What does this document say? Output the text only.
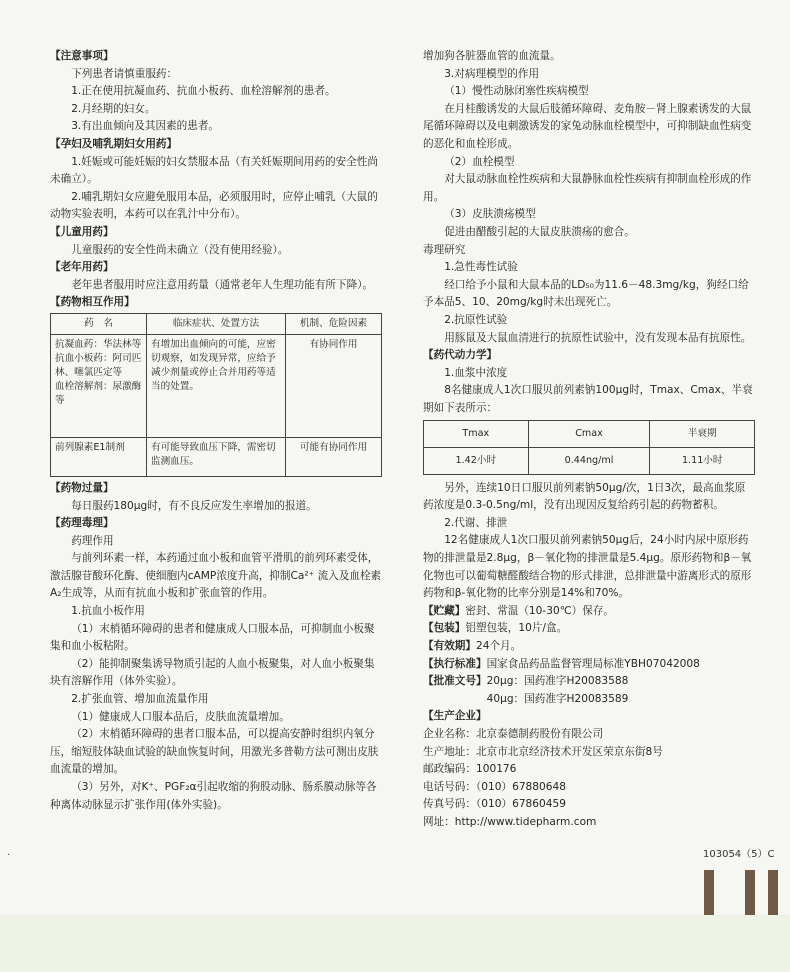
【注意事项】

下列患者请慎重服药：

1.正在使用抗凝血药、抗血小板药、血栓溶解剂的患者。

2.月经期的妇女。

3.有出血倾向及其因素的患者。

【孕妇及哺乳期妇女用药】

1.妊娠或可能妊娠的妇女禁服本品（有关妊娠期间用药的安全性尚未确立）。

2.哺乳期妇女应避免服用本品，必须服用时，应停止哺乳（大鼠的动物实验表明，本药可以在乳汁中分布）。

【儿童用药】

儿童服药的安全性尚未确立（没有使用经验）。

【老年用药】

老年患者服用时应注意用药量（通常老年人生理功能有所下降）。

【药物相互作用】

药　名	临床症状、处置方法	机制、危险因素
抗凝血药：华法林等
抗血小板药：阿司匹林、噻氯匹定等
血栓溶解剂：尿激酶等	有增加出血倾向的可能，应密切观察，如发现异常，应给予减少剂量或停止合并用药等适当的处置。	有协同作用
前列腺素E1制剂	有可能导致血压下降，需密切监测血压。	可能有协同作用

【药物过量】

每日服药180μg时，有不良反应发生率增加的报道。

【药理毒理】

药理作用

与前列环素一样，本药通过血小板和血管平滑肌的前列环素受体，激活腺苷酸环化酶、使细胞内cAMP浓度升高，抑制Ca²⁺ 流入及血栓素A₂生成等，从而有抗血小板和扩张血管的作用。

1.抗血小板作用

（1）末梢循环障碍的患者和健康成人口服本品，可抑制血小板聚集和血小板粘附。

（2）能抑制聚集诱导物质引起的人血小板聚集，对人血小板聚集块有溶解作用（体外实验）。

2.扩张血管、增加血流量作用

（1）健康成人口服本品后，皮肤血流量增加。

（2）末梢循环障碍的患者口服本品，可以提高安静时组织内氧分压，缩短肢体缺血试验的缺血恢复时间，用激光多普勒方法可测出皮肤血流量的增加。

（3）另外，对K⁺、PGF₂α引起收缩的狗股动脉、肠系膜动脉等各种离体动脉显示扩张作用(体外实验)。

增加狗各脏器血管的血流量。

3.对病理模型的作用

（1）慢性动脉闭塞性疾病模型

在月桂酸诱发的大鼠后肢循环障碍、麦角胺－肾上腺素诱发的大鼠尾循环障碍以及电刺激诱发的家兔动脉血栓模型中，可抑制缺血性病变的恶化和血栓形成。

（2）血栓模型

对大鼠动脉血栓性疾病和大鼠静脉血栓性疾病有抑制血栓形成的作用。

（3）皮肤溃疡模型

促进由醋酸引起的大鼠皮肤溃疡的愈合。

毒理研究

1.急性毒性试验

经口给予小鼠和大鼠本品的LD₅₀为11.6－48.3mg/kg，狗经口给予本品5、10、20mg/kg时未出现死亡。

2.抗原性试验

用豚鼠及大鼠血清进行的抗原性试验中，没有发现本品有抗原性。

【药代动力学】

1.血浆中浓度

8名健康成人1次口服贝前列素钠100μg时，Tmax、Cmax、半衰期如下表所示：

Tmax	Cmax	半衰期
1.42小时	0.44ng/ml	1.11小时

另外，连续10日口服贝前列素钠50μg/次，1日3次，最高血浆原药浓度是0.3-0.5ng/ml，没有出现因反复给药引起的药物蓄积。

2.代谢、排泄

12名健康成人1次口服贝前列素钠50μg后，24小时内尿中原形药物的排泄量是2.8μg，β－氧化物的排泄量是5.4μg。原形药物和β－氧化物也可以葡萄糖醛酸结合物的形式排泄，总排泄量中游离形式的原形药物和β-氧化物的比率分别是14%和70%。

【贮藏】密封、常温（10-30℃）保存。

【包装】铝塑包装，10片/盒。

【有效期】24个月。

【执行标准】国家食品药品监督管理局标准YBH07042008

【批准文号】20μg：国药准字H20083588

40μg：国药准字H20083589

【生产企业】

企业名称：北京泰德制药股份有限公司

生产地址：北京市北京经济技术开发区荣京东街8号

邮政编码：100176

电话号码：（010）67880648

传真号码：（010）67860459

网址：http://www.tidepharm.com

·	103054（5）C
